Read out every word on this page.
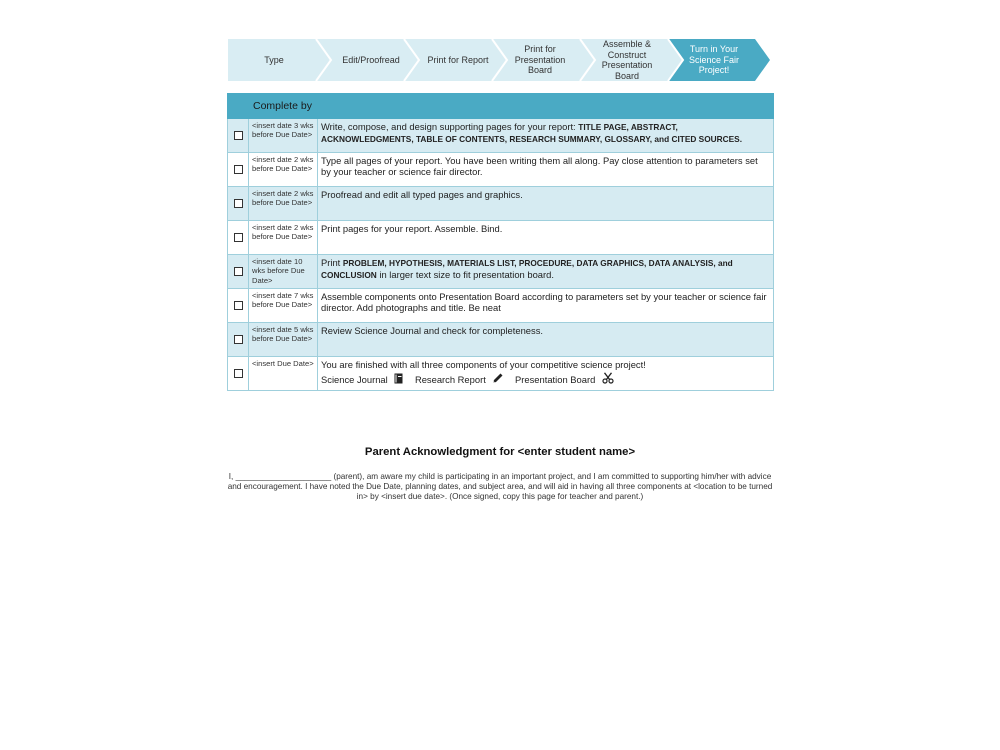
Type	Edit/Proofread	Print for Report
Print for Presentation Board
Assemble & Construct Presentation Board
Turn in Your Science Fair Project!
	Complete by	
	<insert date 3 wks before Due Date>	Write, compose, and design supporting pages for your report: TITLE PAGE, ABSTRACT, ACKNOWLEDGMENTS, TABLE OF CONTENTS, RESEARCH SUMMARY, GLOSSARY, and CITED SOURCES.
	<insert date 2 wks before Due Date>	Type all pages of your report. You have been writing them all along. Pay close attention to parameters set by your teacher or science fair director.
	<insert date 2 wks before Due Date>	Proofread and edit all typed pages and graphics.
	<insert date 2 wks before Due Date>	Print pages for your report. Assemble. Bind.
	<insert date 10 wks before Due Date>	Print PROBLEM, HYPOTHESIS, MATERIALS LIST, PROCEDURE, DATA GRAPHICS, DATA ANALYSIS, and CONCLUSION in larger text size to fit presentation board.
	<insert date 7 wks before Due Date>	Assemble components onto Presentation Board according to parameters set by your teacher or science fair director. Add photographs and title. Be neat
	<insert date 5 wks before Due Date>	Review Science Journal and check for completeness.
	<insert Due Date>	You are finished with all three components of your competitive science project!
Science Journal Research Report Presentation Board
Parent Acknowledgment for <enter student name>
I, _____________________ (parent), am aware my child is participating in an important project, and I am committed to supporting him/her with advice and encouragement. I have noted the Due Date, planning dates, and subject area, and will aid in having all three components at <location to be turned in> by <insert due date>. (Once signed, copy this page for teacher and parent.)
